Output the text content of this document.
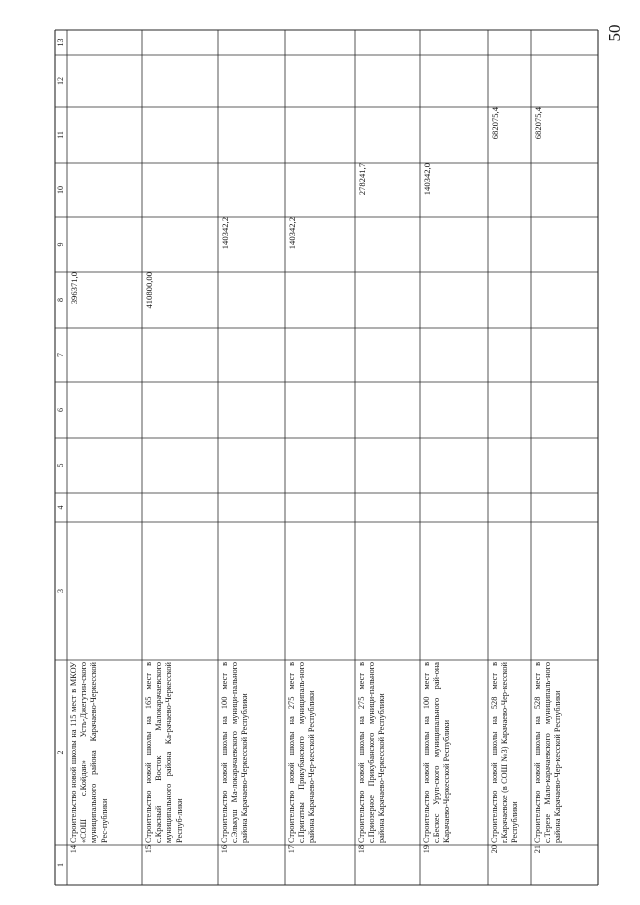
50
1
2
3
4
5
6
7
8
9
10
11
12
13
14
Строительство новой школы на 115 мест в МКОУ «СОШ с.Койдан» Усть-Джегутин-ского муниципального района Карачаево-Черкесской Рес-публики
396371,0
15
Строительство новой школы на 165 мест в с.Красный Восток Малокарачаевского муниципального района Ка-рачаево-Черкесской Респуб-лики
410800,00
16
Строительство новой школы на 100 мест в с.Элькуш Ма-локарачаевского муници-пального района Карачаево-Черкесской Республики
140342,2
17
Строительство новой школы на 275 мест в с.Пригатны Прикубанского муниципаль-ного района Карачаево-Чер-кесской Республики
140342,2
18
Строительство новой школы на 275 мест в с.Приозерное Прикубанского муници-пального района Карачаево-Черкесской Республики
278241,7
19
Строительство новой школы на 100 мест в с.Бескес Уруп-ского муниципального рай-она Карачаево-Черкесской Республики
140342,0
20
Строительство новой школы на 528 мест в г.Карачаевске (в СОШ №3) Карачаево-Чер-кесской Республики
682075,4
21
Строительство новой школы на 528 мест в с.Терезе Мало-карачаевского муниципаль-ного района Карачаево-Чер-кесской Республики
682075,4
